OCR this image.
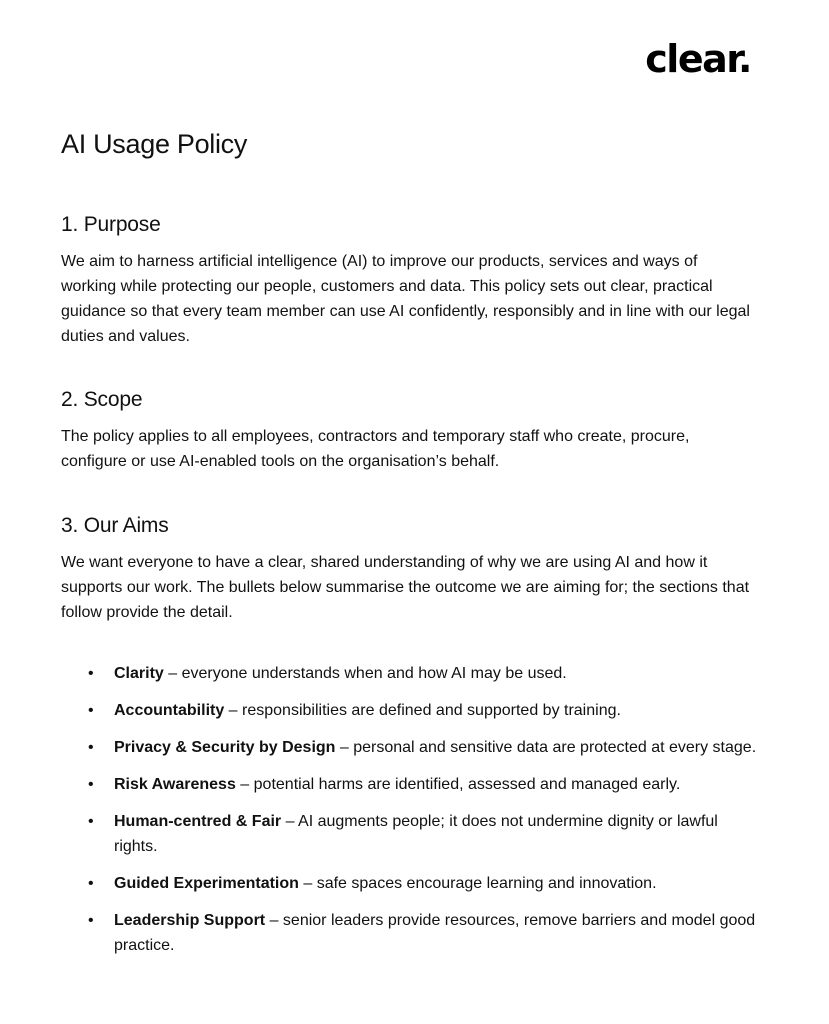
clear.
AI Usage Policy
1. Purpose

We aim to harness artificial intelligence (AI) to improve our products, services and ways of working while protecting our people, customers and data. This policy sets out clear, practical guidance so that every team member can use AI confidently, responsibly and in line with our legal duties and values.

2. Scope

The policy applies to all employees, contractors and temporary staff who create, procure, configure or use AI-enabled tools on the organisation’s behalf.

3. Our Aims

We want everyone to have a clear, shared understanding of why we are using AI and how it supports our work. The bullets below summarise the outcome we are aiming for; the sections that follow provide the detail.

• Clarity – everyone understands when and how AI may be used.
• Accountability – responsibilities are defined and supported by training.
• Privacy & Security by Design – personal and sensitive data are protected at every stage.
• Risk Awareness – potential harms are identified, assessed and managed early.
• Human-centred & Fair – AI augments people; it does not undermine dignity or lawful rights.
• Guided Experimentation – safe spaces encourage learning and innovation.
• Leadership Support – senior leaders provide resources, remove barriers and model good practice.
